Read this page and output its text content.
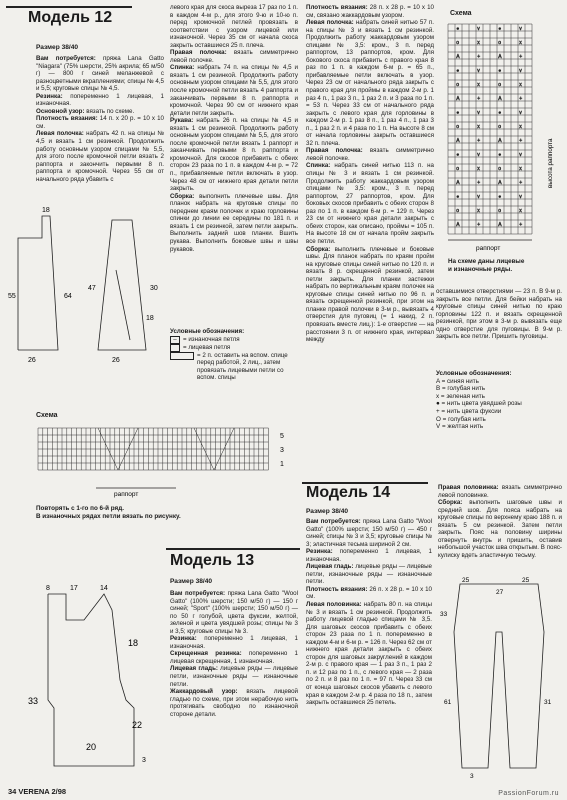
Модель 12
Размер 38/40

Вам потребуется: пряжа Lana Gatto "Niagara" (75% шерсти, 25% акрила; 65 м/50 г) — 800 г синей меланжевой с разноцветными вкраплениями; спицы № 4,5 и 5,5; круговые спицы № 4,5.
Резинка: попеременно 1 лицевая, 1 изнаночная.
Основной узор: вязать по схеме.
Плотность вязания: 14 п. х 20 р. = 10 х 10 см.
Левая полочка: набрать 42 п. на спицы № 4,5 и вязать 1 см резинкой. Продолжить работу основным узором спицами № 5,5, для этого после кромочной петли вязать 2 раппорта и закончить первыми 8 п. раппорта и кромочной. Через 55 см от начального ряда убавить с

левого края для скоса выреза 17 раз по 1 п. в каждом 4-м р., для этого 9-ю и 10-ю п. перед кромочной петлей провязать в соответствии с узором лицевой или изнаночной. Через 35 см от начала скоса закрыть оставшиеся 25 п. плеча.
Правая полочка: вязать симметрично левой полочке.
Спинка: набрать 74 п. на спицы № 4,5 и вязать 1 см резинкой. Продолжить работу основным узором спицами № 5,5, для этого после кромочной петли вязать 4 раппорта и заканчивать первыми 8 п. раппорта и кромочной. Через 90 см от нижнего края детали петли закрыть.
Рукава: набрать 26 п. на спицы № 4,5 и вязать 1 см резинкой. Продолжить работу основным узором спицами № 5,5, для этого после кромочной петли вязать 1 раппорт и заканчивать первыми 8 п. раппорта и кромочной. Для скосов прибавить с обеих сторон 23 раза по 1 п. в каждом 4-м р. = 72 п., прибавляемые петли включать в узор. Через 48 см от нижнего края детали петли закрыть.
Сборка: выполнить плечевые швы. Для планок набрать на круговые спицы по переднем краям полочек и краю горловины спинки до линии ее середины по 181 п. и вязать 1 см резинкой, затем петли закрыть. Выполнить задний шов планки. Вшить рукава. Выполнить боковые швы и швы рукавов.

Плотность вязания: 28 п. х 28 р. = 10 х 10 см, связано жаккардовым узором.
Левая полочка: набрать синей нитью 57 п. на спицы № 3 и вязать 1 см резинкой. Продолжить работу жаккардовым узором спицами № 3,5: кром., 3 п. перед раппортом, 13 раппортов, кром. Для бокового скоса прибавить с правого края 8 раз по 1 п. в каждом 6-м р. = 65 п., прибавляемые петли включать в узор. Через 23 см от начального ряда закрыть с правого края для проймы в каждом 2-м р. 1 раз 4 п., 1 раз 3 п., 1 раз 2 п. и 3 раза по 1 п. = 53 п. Через 33 см от начального ряда закрыть с левого края для горловины в каждом 2-м р. 1 раз 8 п., 1 раз 4 п., 1 раз 3 п., 1 раз 2 п. и 4 раза по 1 п. На высоте 8 см от начала горловины закрыть оставшиеся 32 п. плеча.
Правая полочка: вязать симметрично левой полочке.
Спинка: набрать синей нитью 113 п. на спицы № 3 и вязать 1 см резинкой. Продолжить работу жаккардовым узором спицами № 3,5: кром., 3 п. перед раппортом, 27 раппортов, кром. Для боковых скосов прибавить с обеих сторон 8 раз по 1 п. в каждом 6-м р. = 129 п. Через 23 см от нижнего края детали закрыть с обеих сторон, как описано, проймы = 105 п. На высоте 18 см от начала пройм закрыть все петли.
Сборка: выполнить плечевые и боковые швы. Для планок набрать по краям пройм на круговые спицы синей нитью по 120 п. и вязать 8 р. скрещенной резинкой, затем петли закрыть. Для планки застежки набрать по вертикальным краям полочек на круговые спицы синей нитью по 96 п. и вязать скрещенной резинкой, при этом на планке правой полочки в 3-м р., вывязать 4 отверстия для пуговиц (= 1 накид, 2 п. провязать вместе лиц.): 1-е отверстие — на расстоянии 3 п. от нижнего края, интервал между

26
18
55	64
26
47
18
30
Условные обозначения:
–	= изнаночная петля
= лицевая петля
= 2 п. оставить на вспом. спице перед работой, 2 лиц., затем провязать лицевыми петли со вспом. спицы
Схема
5
3
1
раппорт
Повторять с 1-го по 6-й ряд.
В изнаночных рядах петли вязать по рисунку.
Схема
●	v	●	v
o	x	o	x
A	+	A	+
●	v	●	v
o	x	o	x
A	+	A	+
●	v	●	v
o	x	o	x
A	+	A	+
●	v	●	v
o	x	o	x
A	+	A	+
●	v	●	v
o	x	o	x
A	+	A	+
раппорт
высота раппорта
На схеме даны лицевые
и изнаночные ряды.

оставшимися отверстиями — 23 п. В 9-м р. закрыть все петли. Для бейки набрать на круговые спицы синей нитью по краю горловины 122 п. и вязать скрещенной резинкой, при этом в 3-м р. вывязать еще одно отверстие для пуговицы. В 9-м р. закрыть все петли. Пришить пуговицы.

Условные обозначения:
A = синяя нить
B = голубая нить
x = зеленая нить
● = нить цвета увядшей розы
+ = нить цвета фуксии
O = голубая нить
V = желтая нить
Модель 14
Размер 38/40

Вам потребуется: пряжа Lana Gatto "Wool Gatto" (100% шерсти; 150 м/50 г) — 450 г синей; спицы № 3 и 3,5; круговые спицы № 3; эластичная тесьма шириной 2 см.
Резинка: попеременно 1 лицевая, 1 изнаночная.
Лицевая гладь: лицевые ряды — лицевые петли, изнаночные ряды — изнаночные петли.
Плотность вязания: 26 п. х 28 р. = 10 х 10 см.
Левая половинка: набрать 80 п. на спицы № 3 и вязать 1 см резинкой. Продолжить работу лицевой гладью спицами № 3,5. Для шаговых скосов прибавить с обеих сторон 23 раза по 1 п. попеременно в каждом 4-м и 6-м р. = 126 п. Через 62 см от нижнего края детали закрыть с обеих сторон для шаговых закруглений в каждом 2-м р. с правого края — 1 раз 3 п., 1 раз 2 п. и 12 раз по 1 п., с левого края — 2 раза по 2 п. и 8 раз по 1 п. = 97 п. Через 33 см от конца шаговых скосов убавить с левого края в каждом 2-м р. 4 раза по 18 п., затем закрыть оставшиеся 25 петель.

Правая половинка: вязать симметрично левой половинке.
Сборка: выполнить шаговые швы и средний шов. Для пояса набрать на круговые спицы по верхнему краю 188 п. и вязать 5 см резинкой. Затем петли закрыть. Пояс на половину ширины отвернуть внутрь и пришить, оставив небольшой участок шва открытым. В пояс-кулиску вдеть эластичную тесьму.

25
27
25
33
61	31
3
Модель 13
Размер 38/40

Вам потребуется: пряжа Lana Gatto "Wool Gatto" (100% шерсти; 150 м/50 г) — 150 г синей; "Sport" (100% шерсти; 150 м/50 г) — по 50 г голубой, цвета фуксии, желтой, зеленой и цвета увядшей розы; спицы № 3 и 3,5; круговые спицы № 3.
Резинка: попеременно 1 лицевая, 1 изнаночная.
Скрещенная резинка: попеременно 1 лицевая скрещенная, 1 изнаночная.
Лицевая гладь: лицевые ряды — лицевые петли, изнаночные ряды — изнаночные петли.
Жаккардовый узор: вязать лицевой гладью по схеме, при этом нерабочую нить протягивать свободно по изнаночной стороне детали.

8	17	14
18
33
22
20
3
34 VERENA 2/98	PassionForum.ru
